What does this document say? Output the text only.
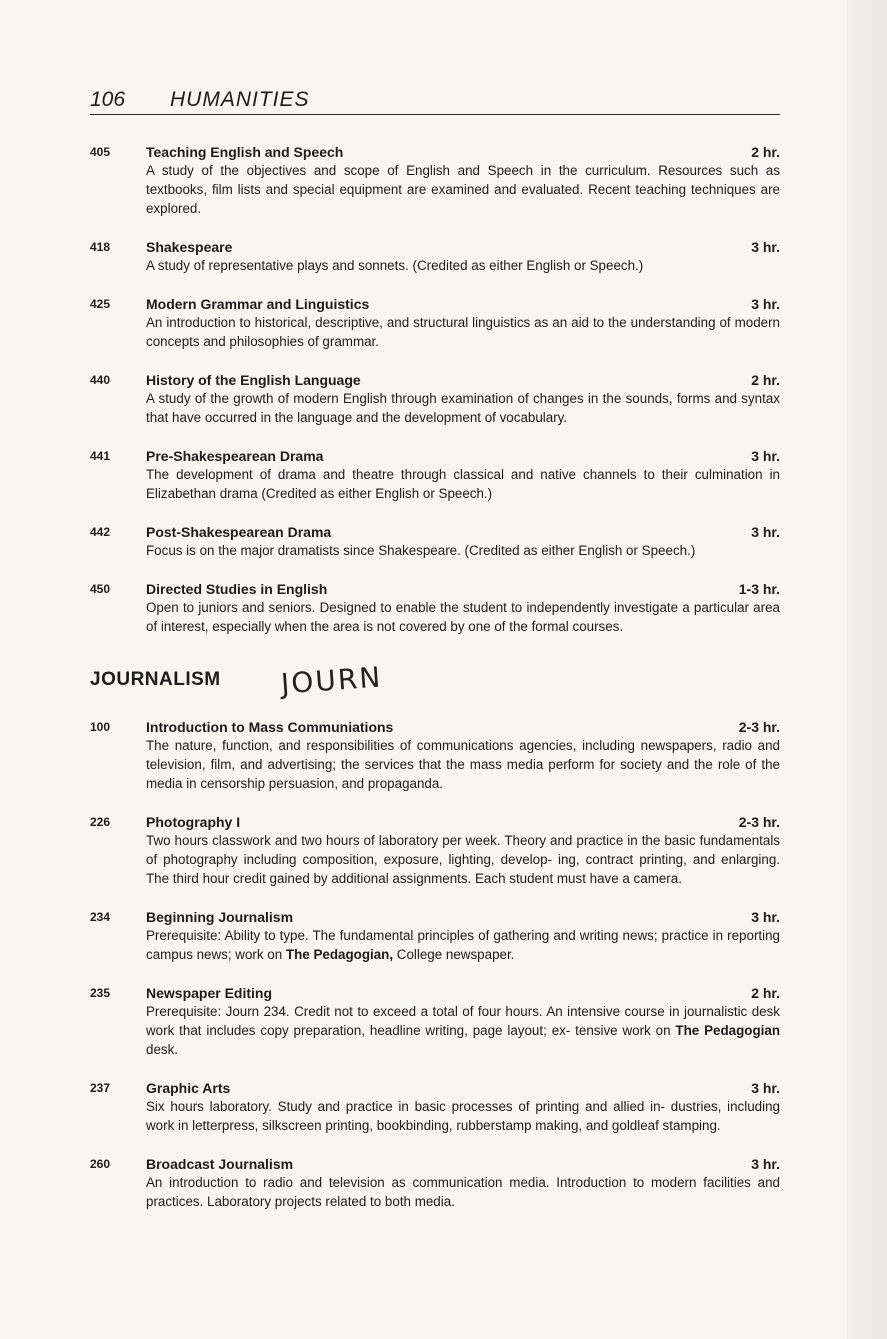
106	HUMANITIES
405	Teaching English and Speech	2 hr.
A study of the objectives and scope of English and Speech in the curriculum. Resources such as textbooks, film lists and special equipment are examined and evaluated. Recent teaching techniques are explored.
418	Shakespeare	3 hr.
A study of representative plays and sonnets. (Credited as either English or Speech.)
425	Modern Grammar and Linguistics	3 hr.
An introduction to historical, descriptive, and structural linguistics as an aid to the understanding of modern concepts and philosophies of grammar.
440	History of the English Language	2 hr.
A study of the growth of modern English through examination of changes in the sounds, forms and syntax that have occurred in the language and the development of vocabulary.
441	Pre-Shakespearean Drama	3 hr.
The development of drama and theatre through classical and native channels to their culmination in Elizabethan drama (Credited as either English or Speech.)
442	Post-Shakespearean Drama	3 hr.
Focus is on the major dramatists since Shakespeare. (Credited as either English or Speech.)
450	Directed Studies in English	1-3 hr.
Open to juniors and seniors. Designed to enable the student to independently investigate a particular area of interest, especially when the area is not covered by one of the formal courses.
JOURNALISM JOURN
100	Introduction to Mass Communiations	2-3 hr.
The nature, function, and responsibilities of communications agencies, including newspapers, radio and television, film, and advertising; the services that the mass media perform for society and the role of the media in censorship persuasion, and propaganda.
226	Photography I	2-3 hr.
Two hours classwork and two hours of laboratory per week. Theory and practice in the basic fundamentals of photography including composition, exposure, lighting, develop- ing, contract printing, and enlarging. The third hour credit gained by additional assignments. Each student must have a camera.
234	Beginning Journalism	3 hr.
Prerequisite: Ability to type. The fundamental principles of gathering and writing news; practice in reporting campus news; work on The Pedagogian, College newspaper.
235	Newspaper Editing	2 hr.
Prerequisite: Journ 234. Credit not to exceed a total of four hours. An intensive course in journalistic desk work that includes copy preparation, headline writing, page layout; ex- tensive work on The Pedagogian desk.
237	Graphic Arts	3 hr.
Six hours laboratory. Study and practice in basic processes of printing and allied in- dustries, including work in letterpress, silkscreen printing, bookbinding, rubberstamp making, and goldleaf stamping.
260	Broadcast Journalism	3 hr.
An introduction to radio and television as communication media. Introduction to modern facilities and practices. Laboratory projects related to both media.
